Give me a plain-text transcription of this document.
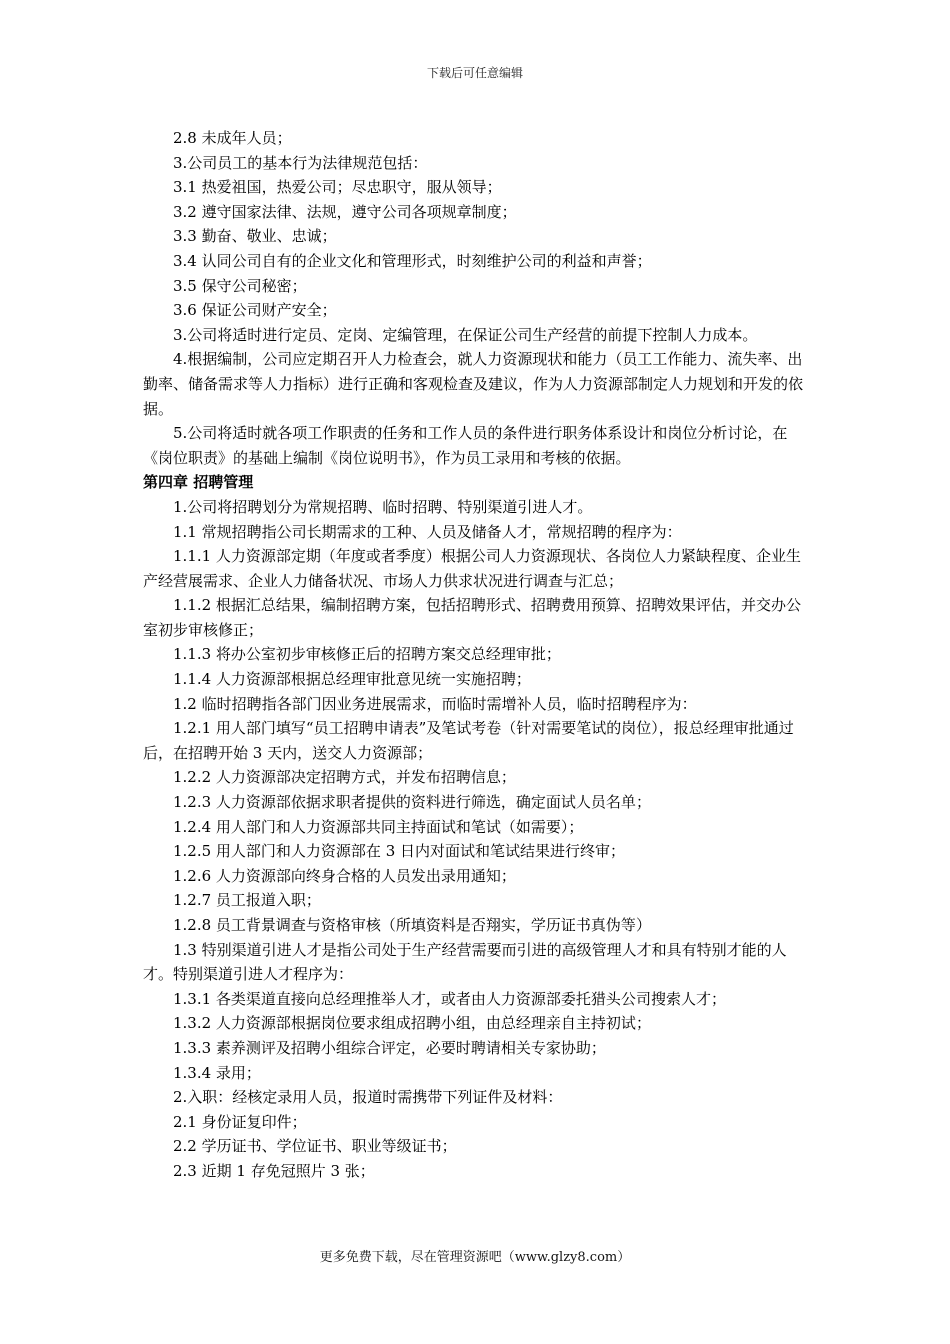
下载后可任意编辑

2.8 未成年人员；

3.公司员工的基本行为法律规范包括：

3.1 热爱祖国，热爱公司；尽忠职守，服从领导；

3.2 遵守国家法律、法规，遵守公司各项规章制度；

3.3 勤奋、敬业、忠诚；

3.4 认同公司自有的企业文化和管理形式，时刻维护公司的利益和声誉；

3.5 保守公司秘密；

3.6 保证公司财产安全；

3.公司将适时进行定员、定岗、定编管理，在保证公司生产经营的前提下控制人力成本。

4.根据编制，公司应定期召开人力检查会，就人力资源现状和能力（员工工作能力、流失率、出勤率、储备需求等人力指标）进行正确和客观检查及建议，作为人力资源部制定人力规划和开发的依据。

5.公司将适时就各项工作职责的任务和工作人员的条件进行职务体系设计和岗位分析讨论，在《岗位职责》的基础上编制《岗位说明书》，作为员工录用和考核的依据。

第四章 招聘管理

1.公司将招聘划分为常规招聘、临时招聘、特别渠道引进人才。

1.1 常规招聘指公司长期需求的工种、人员及储备人才，常规招聘的程序为：

1.1.1 人力资源部定期（年度或者季度）根据公司人力资源现状、各岗位人力紧缺程度、企业生产经营展需求、企业人力储备状况、市场人力供求状况进行调查与汇总；

1.1.2 根据汇总结果，编制招聘方案，包括招聘形式、招聘费用预算、招聘效果评估，并交办公室初步审核修正；

1.1.3 将办公室初步审核修正后的招聘方案交总经理审批；

1.1.4 人力资源部根据总经理审批意见统一实施招聘；

1.2 临时招聘指各部门因业务进展需求，而临时需增补人员，临时招聘程序为：

1.2.1 用人部门填写“员工招聘申请表”及笔试考卷（针对需要笔试的岗位），报总经理审批通过后，在招聘开始 3 天内，送交人力资源部；

1.2.2 人力资源部决定招聘方式，并发布招聘信息；

1.2.3 人力资源部依据求职者提供的资料进行筛选，确定面试人员名单；

1.2.4 用人部门和人力资源部共同主持面试和笔试（如需要）；

1.2.5 用人部门和人力资源部在 3 日内对面试和笔试结果进行终审；

1.2.6 人力资源部向终身合格的人员发出录用通知；

1.2.7 员工报道入职；

1.2.8 员工背景调查与资格审核（所填资料是否翔实，学历证书真伪等）

1.3 特别渠道引进人才是指公司处于生产经营需要而引进的高级管理人才和具有特别才能的人才。特别渠道引进人才程序为：

1.3.1 各类渠道直接向总经理推举人才，或者由人力资源部委托猎头公司搜索人才；

1.3.2 人力资源部根据岗位要求组成招聘小组，由总经理亲自主持初试；

1.3.3 素养测评及招聘小组综合评定，必要时聘请相关专家协助；

1.3.4 录用；

2.入职：经核定录用人员，报道时需携带下列证件及材料：

2.1 身份证复印件；

2.2 学历证书、学位证书、职业等级证书；

2.3 近期 1 存免冠照片 3 张；

更多免费下载，尽在管理资源吧（www.glzy8.com）
